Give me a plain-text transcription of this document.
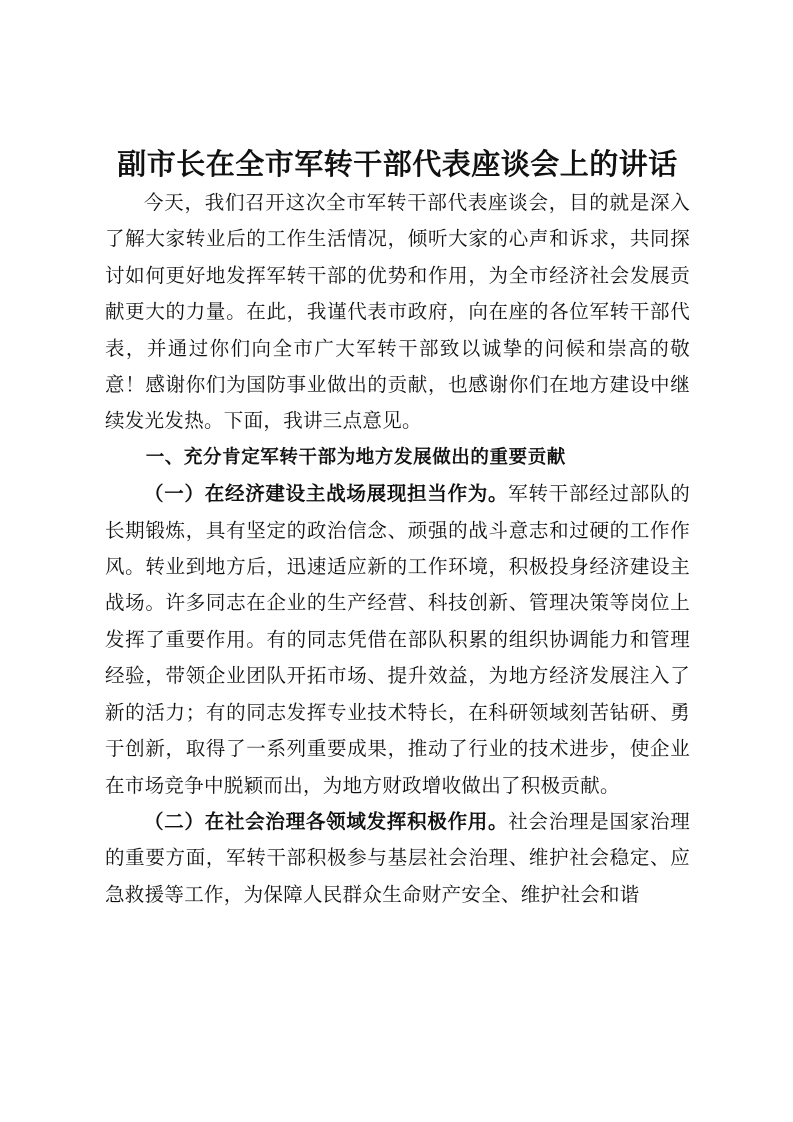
副市长在全市军转干部代表座谈会上的讲话

今天，我们召开这次全市军转干部代表座谈会，目的就是深入了解大家转业后的工作生活情况，倾听大家的心声和诉求，共同探讨如何更好地发挥军转干部的优势和作用，为全市经济社会发展贡献更大的力量。在此，我谨代表市政府，向在座的各位军转干部代表，并通过你们向全市广大军转干部致以诚挚的问候和崇高的敬意！感谢你们为国防事业做出的贡献，也感谢你们在地方建设中继续发光发热。下面，我讲三点意见。

一、充分肯定军转干部为地方发展做出的重要贡献

（一）在经济建设主战场展现担当作为。军转干部经过部队的长期锻炼，具有坚定的政治信念、顽强的战斗意志和过硬的工作作风。转业到地方后，迅速适应新的工作环境，积极投身经济建设主战场。许多同志在企业的生产经营、科技创新、管理决策等岗位上发挥了重要作用。有的同志凭借在部队积累的组织协调能力和管理经验，带领企业团队开拓市场、提升效益，为地方经济发展注入了新的活力；有的同志发挥专业技术特长，在科研领域刻苦钻研、勇于创新，取得了一系列重要成果，推动了行业的技术进步，使企业在市场竞争中脱颖而出，为地方财政增收做出了积极贡献。

（二）在社会治理各领域发挥积极作用。社会治理是国家治理的重要方面，军转干部积极参与基层社会治理、维护社会稳定、应急救援等工作，为保障人民群众生命财产安全、维护社会和谐
